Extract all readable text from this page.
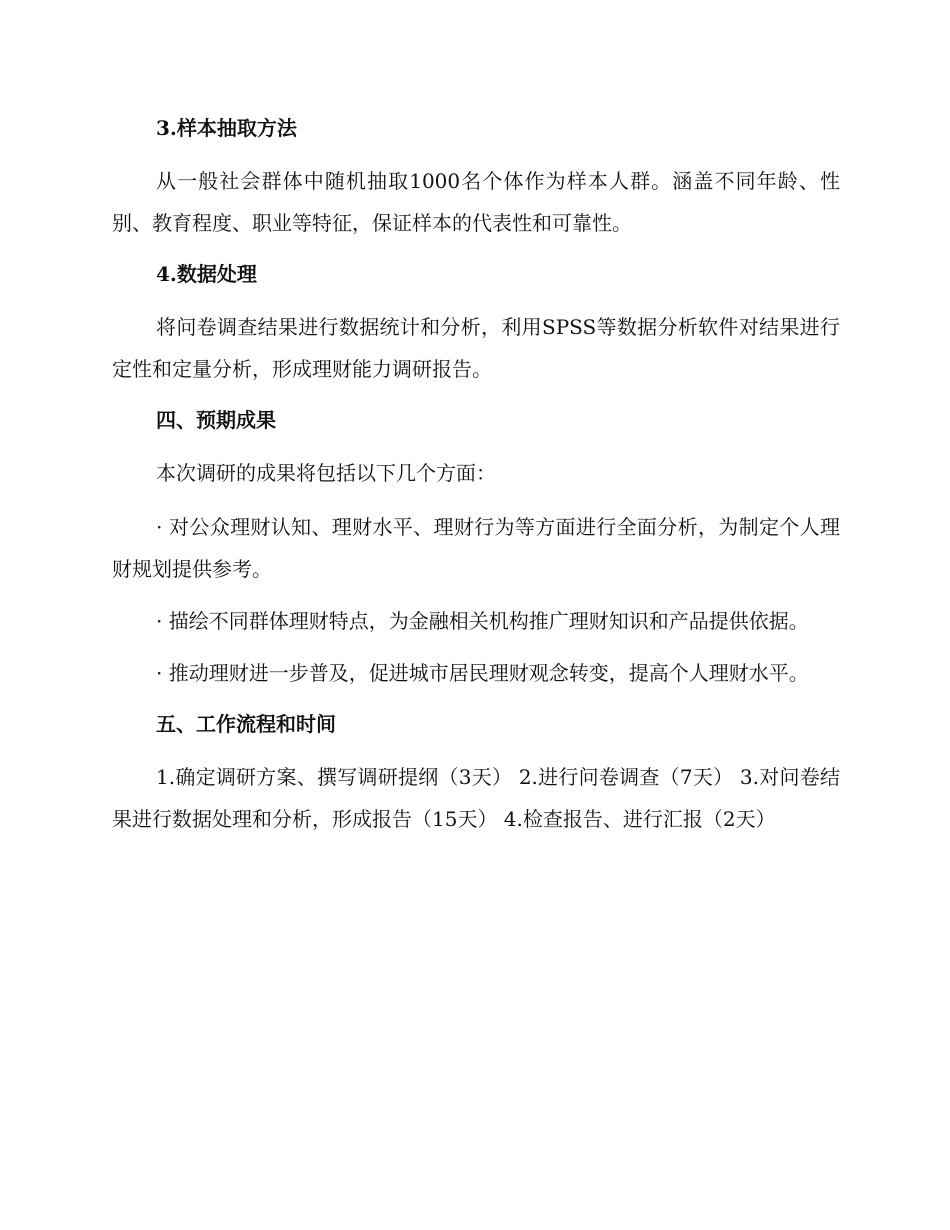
3.样本抽取方法
从一般社会群体中随机抽取1000名个体作为样本人群。涵盖不同年龄、性别、教育程度、职业等特征，保证样本的代表性和可靠性。
4.数据处理
将问卷调查结果进行数据统计和分析，利用SPSS等数据分析软件对结果进行定性和定量分析，形成理财能力调研报告。
四、预期成果
本次调研的成果将包括以下几个方面：
· 对公众理财认知、理财水平、理财行为等方面进行全面分析，为制定个人理财规划提供参考。
· 描绘不同群体理财特点，为金融相关机构推广理财知识和产品提供依据。
· 推动理财进一步普及，促进城市居民理财观念转变，提高个人理财水平。
五、工作流程和时间
1.确定调研方案、撰写调研提纲（3天） 2.进行问卷调查（7天） 3.对问卷结果进行数据处理和分析，形成报告（15天） 4.检查报告、进行汇报（2天）
